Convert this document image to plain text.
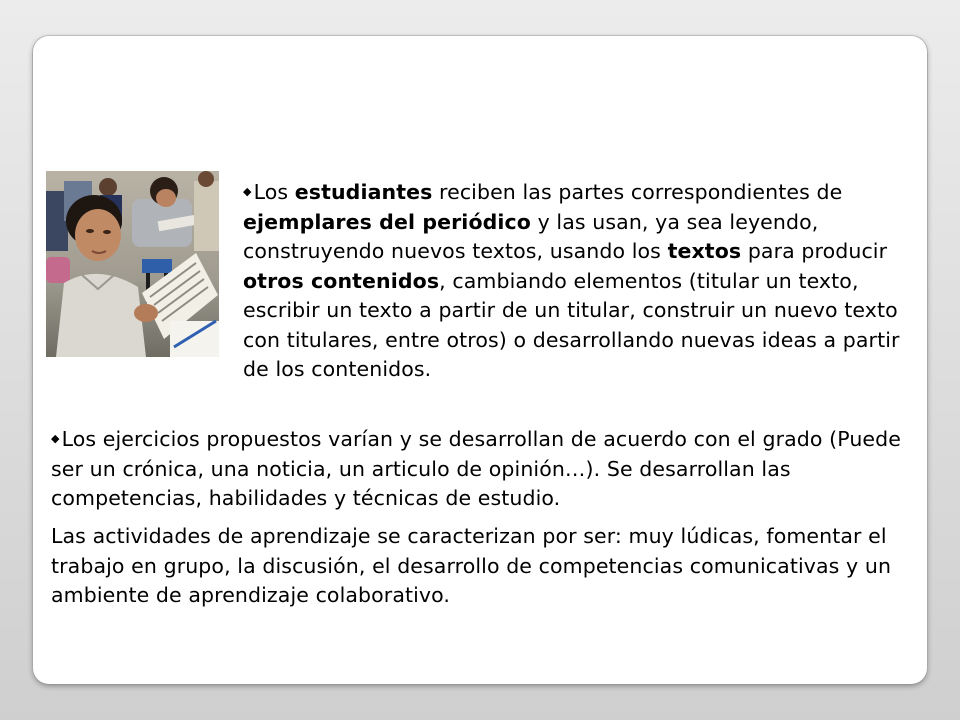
◆Los estudiantes reciben las partes correspondientes de ejemplares del periódico y las usan, ya sea leyendo, construyendo nuevos textos, usando los textos para producir otros contenidos, cambiando elementos (titular un texto, escribir un texto a partir de un titular, construir un nuevo texto con titulares, entre otros) o desarrollando nuevas ideas a partir de los contenidos.
◆Los ejercicios propuestos varían y se desarrollan de acuerdo con el grado (Puede ser un crónica, una noticia, un articulo de opinión…). Se desarrollan las competencias, habilidades y técnicas de estudio.
Las actividades de aprendizaje se caracterizan por ser: muy lúdicas, fomentar el trabajo en grupo, la discusión, el desarrollo de competencias comunicativas y un ambiente de aprendizaje colaborativo.
